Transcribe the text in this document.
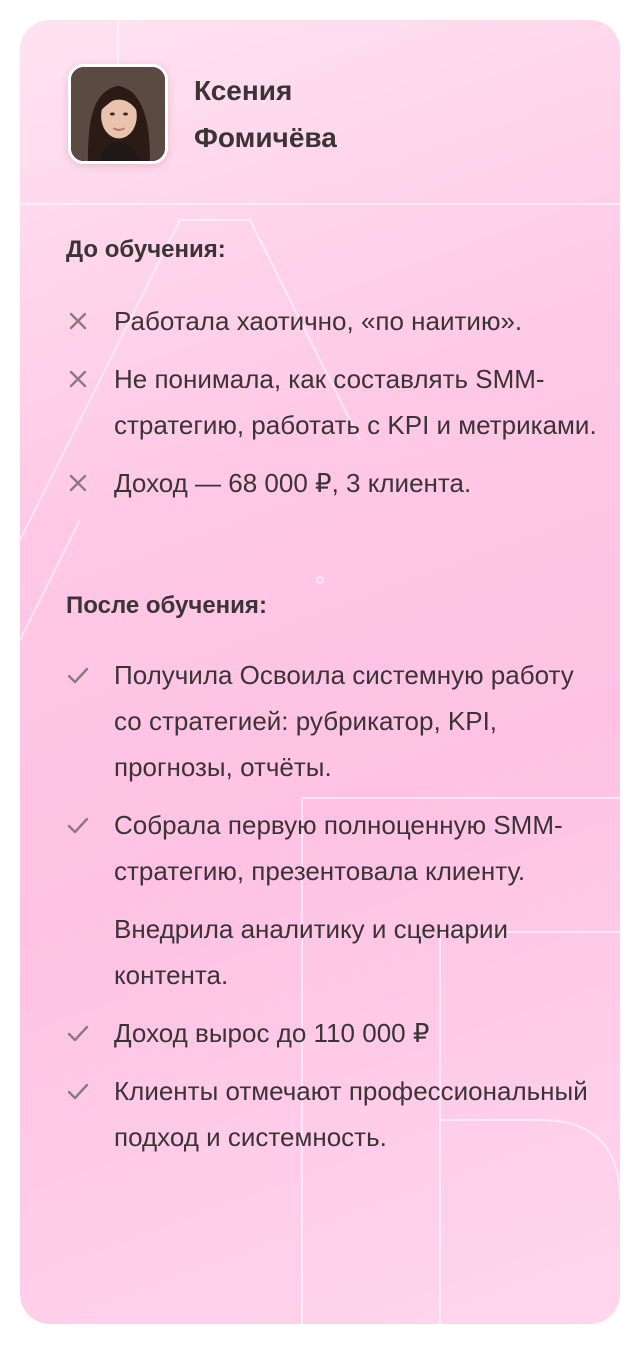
Ксения
Фомичёва
До обучения:
Работала хаотично, «по наитию».
Не понимала, как составлять SMM-стратегию, работать с KPI и метриками.
Доход — 68 000 ₽, 3 клиента.
После обучения:
Получила Освоила системную работу со стратегией: рубрикатор, KPI, прогнозы, отчёты.
Собрала первую полноценную SMM-стратегию, презентовала клиенту.
Внедрила аналитику и сценарии контента.
Доход вырос до 110 000 ₽
Клиенты отмечают профессиональный подход и системность.
